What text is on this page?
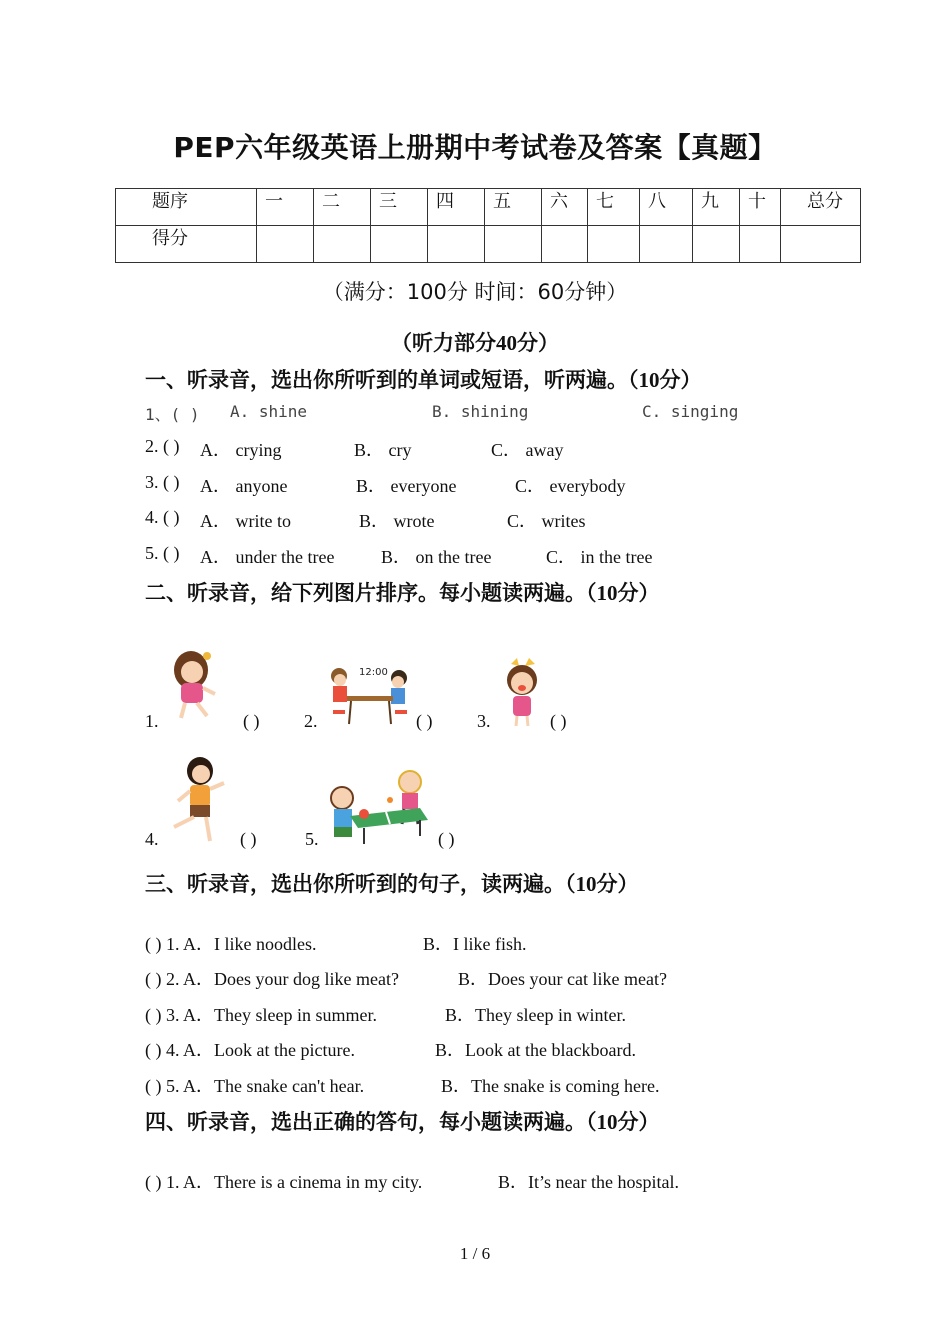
PEP六年级英语上册期中考试卷及答案【真题】
题序	一	二	三	四	五	六	七	八	九	十	总分
得分											
（满分：100分 时间：60分钟）
（听力部分40分）
一、听录音，选出你所听到的单词或短语，听两遍。（10分）
1、( ) A. shine	B. shining	C. singing
2. ( ) A． crying	B． cry	C． away
3. ( ) A． anyone	B． everyone	C． everybody
4. ( ) A． write to	B． wrote	C． writes
5. ( ) A． under the tree	B． on the tree	C． in the tree
二、听录音，给下列图片排序。每小题读两遍。（10分）
1.	( ) 2.
12:00
( ) 3.	( )
4.	( )	5.	( )
三、听录音，选出你所听到的句子，读两遍。（10分）
( ) 1. A．I like noodles.	B．I like fish.
( ) 2. A．Does your dog like meat?	B．Does your cat like meat?
( ) 3. A．They sleep in summer.	B．They sleep in winter.
( ) 4. A．Look at the picture.	B．Look at the blackboard.
( ) 5. A．The snake can't hear.	B．The snake is coming here.
四、听录音，选出正确的答句，每小题读两遍。（10分）
( ) 1. A．There is a cinema in my city.	B．It’s near the hospital.
1 / 6
